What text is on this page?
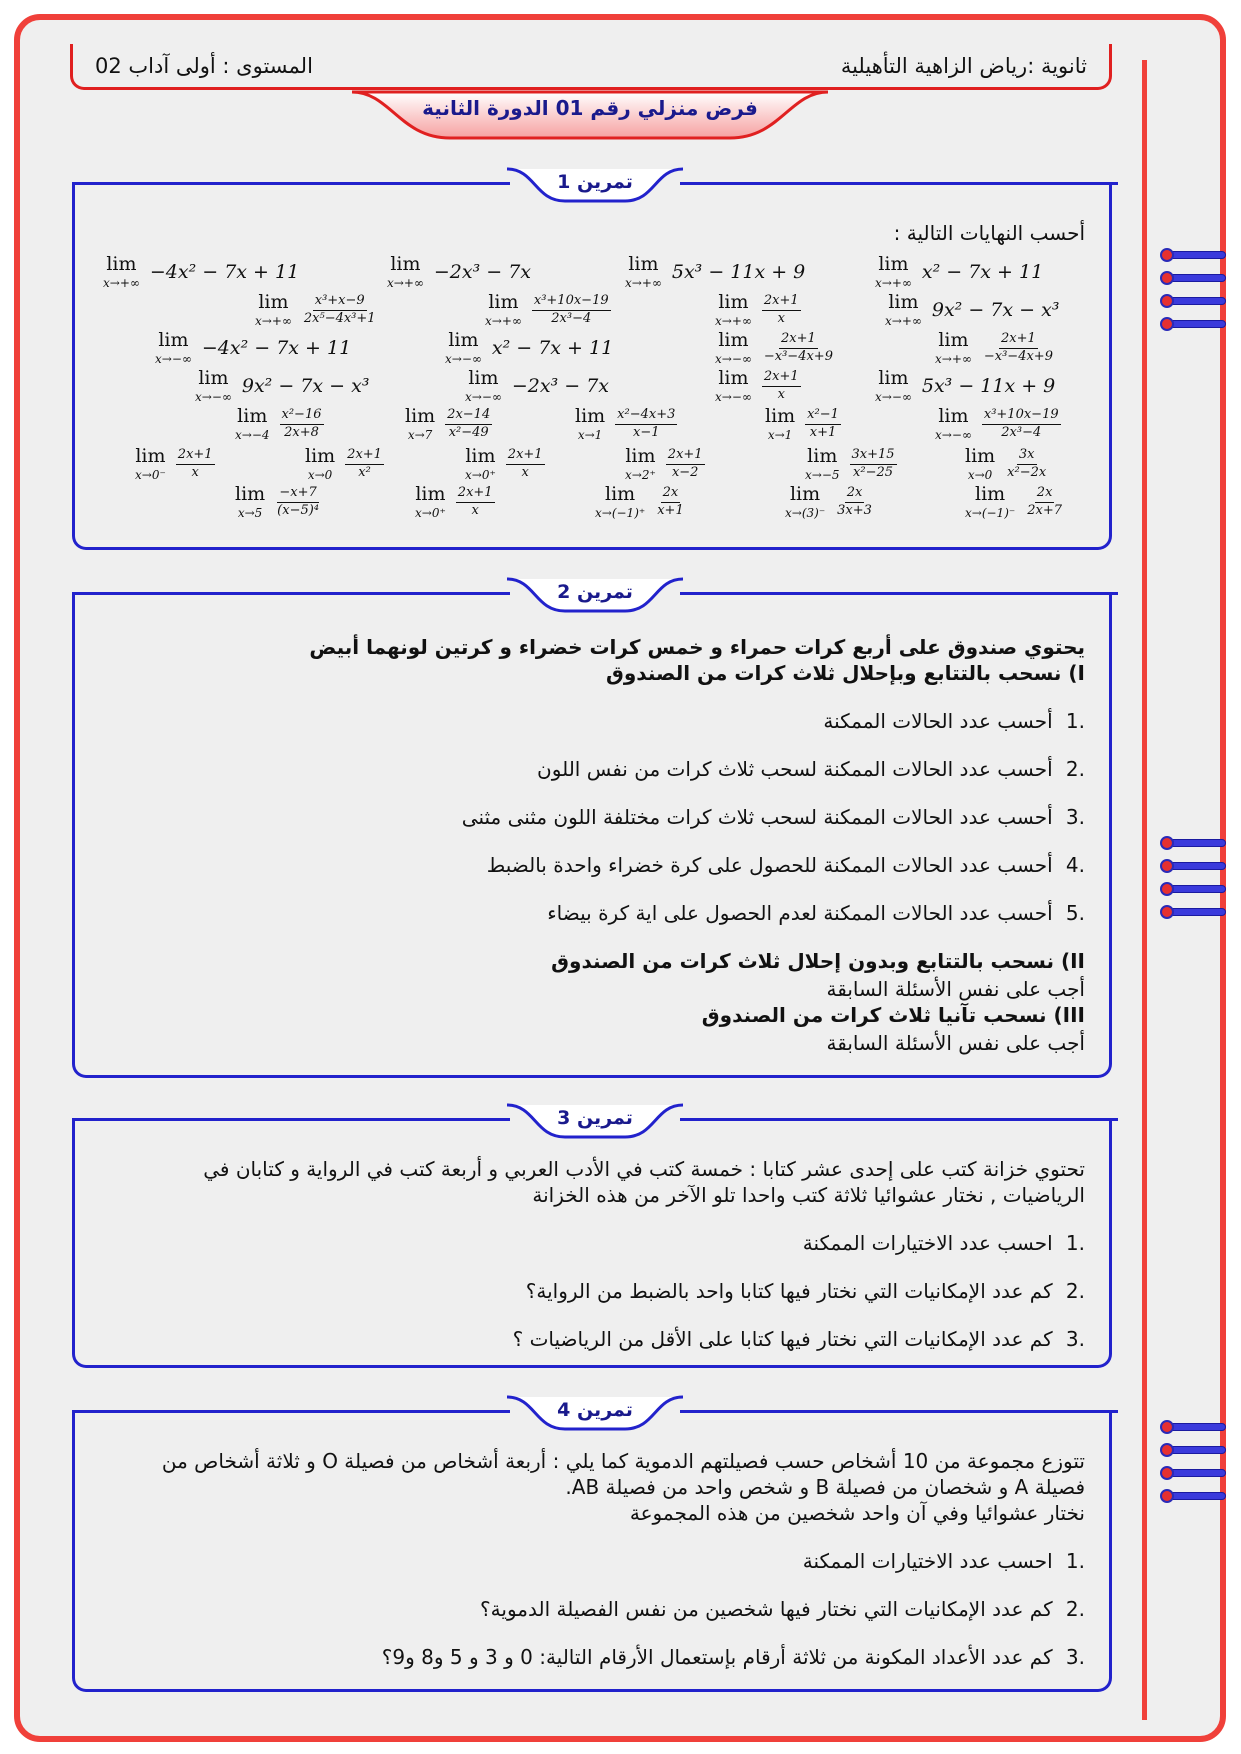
ثانوية :رياض الزاهية التأهيلية
المستوى : أولى آداب 02
فرض منزلي رقم 01 الدورة الثانية
تمرين 1
أحسب النهايات التالية :
lim
x→+∞ −4x² − 7x + 11	lim
x→+∞ −2x³ − 7x	lim
x→+∞ 5x³ − 11x + 9	lim
x→+∞ x² − 7x + 11
lim
$x\to+\infty \frac{\text{x³+x−9}}{\text{2x⁵−4x³+1}}$	lim
$x\to+\infty \frac{\text{x³+10x−19}}{\text{2x³−4}}$	lim
$x\to+\infty \frac{2x+1}{x}$	lim
x→+∞ 9x² − 7x − x³
lim
x→−∞ −4x² − 7x + 11	lim
x→−∞ x² − 7x + 11	lim
$x\to-\infty \frac{2x+1}{\text{−x³−4x+9}}$	lim
$x\to+\infty \frac{2x+1}{\text{−x³−4x+9}}$
lim
x→−∞ 9x² − 7x − x³	lim
x→−∞ −2x³ − 7x	lim
$x\to-\infty \frac{2x+1}{x}$	lim
x→−∞ 5x³ − 11x + 9
lim
$x\to-4 \frac{\text{x²−16}}{2x+8}$	lim
$x\to 7 \frac{2x-14}{\text{x²−49}}$	lim
$x\to 1 \frac{\text{x²−4x+3}}{x-1}$	lim
$x\to 1 \frac{\text{x²−1}}{x+1}$	lim
$x\to-\infty \frac{\text{x³+10x−19}}{\text{2x³−4}}$
lim
$x\to 0^- \frac{2x+1}{x}$	lim
$x\to 0 \frac{2x+1}{\text{x²}}$	lim
$x\to 0^+ \frac{2x+1}{x}$	lim
$x\to 2^+ \frac{2x+1}{x-2}$	lim
$x\to-5 \frac{3x+15}{\text{x²−25}}$	lim
$x\to 0 \frac{3x}{\text{x²−2x}}$
lim
$x\to 5 \frac{-x+7}{\text{(x−5)⁴}}$	lim
$x\to 0^+ \frac{2x+1}{x}$	lim
$x\to(-1)^+ \frac{2x}{x+1}$	lim
$x\to(3)^- \frac{2x}{3x+3}$	lim
$x\to(-1)^- \frac{2x}{2x+7}$
تمرين 2
يحتوي صندوق على أربع كرات حمراء و خمس كرات خضراء و كرتين لونهما أبيض
I) نسحب بالتتابع وبإحلال ثلاث كرات من الصندوق
.1 أحسب عدد الحالات الممكنة
.2 أحسب عدد الحالات الممكنة لسحب ثلاث كرات من نفس اللون
.3 أحسب عدد الحالات الممكنة لسحب ثلاث كرات مختلفة اللون مثنى مثنى
.4 أحسب عدد الحالات الممكنة للحصول على كرة خضراء واحدة بالضبط
.5 أحسب عدد الحالات الممكنة لعدم الحصول على اية كرة بيضاء
II) نسحب بالتتابع وبدون إحلال ثلاث كرات من الصندوق
أجب على نفس الأسئلة السابقة
III) نسحب تآنيا ثلاث كرات من الصندوق
أجب على نفس الأسئلة السابقة
تمرين 3
تحتوي خزانة كتب على إحدى عشر كتابا : خمسة كتب في الأدب العربي و أربعة كتب في الرواية و كتابان في
الرياضيات , نختار عشوائيا ثلاثة كتب واحدا تلو الآخر من هذه الخزانة
.1 احسب عدد الاختيارات الممكنة
.2 كم عدد الإمكانيات التي نختار فيها كتابا واحد بالضبط من الرواية؟
.3 كم عدد الإمكانيات التي نختار فيها كتابا على الأقل من الرياضيات ؟
تمرين 4
تتوزع مجموعة من 10 أشخاص حسب فصيلتهم الدموية كما يلي : أربعة أشخاص من فصيلة O و ثلاثة أشخاص من
فصيلة A و شخصان من فصيلة B و شخص واحد من فصيلة AB.
نختار عشوائيا وفي آن واحد شخصين من هذه المجموعة
.1 احسب عدد الاختيارات الممكنة
.2 كم عدد الإمكانيات التي نختار فيها شخصين من نفس الفصيلة الدموية؟
.3 كم عدد الأعداد المكونة من ثلاثة أرقام بإستعمال الأرقام التالية: 0 و 3 و 5 و8 و9؟
